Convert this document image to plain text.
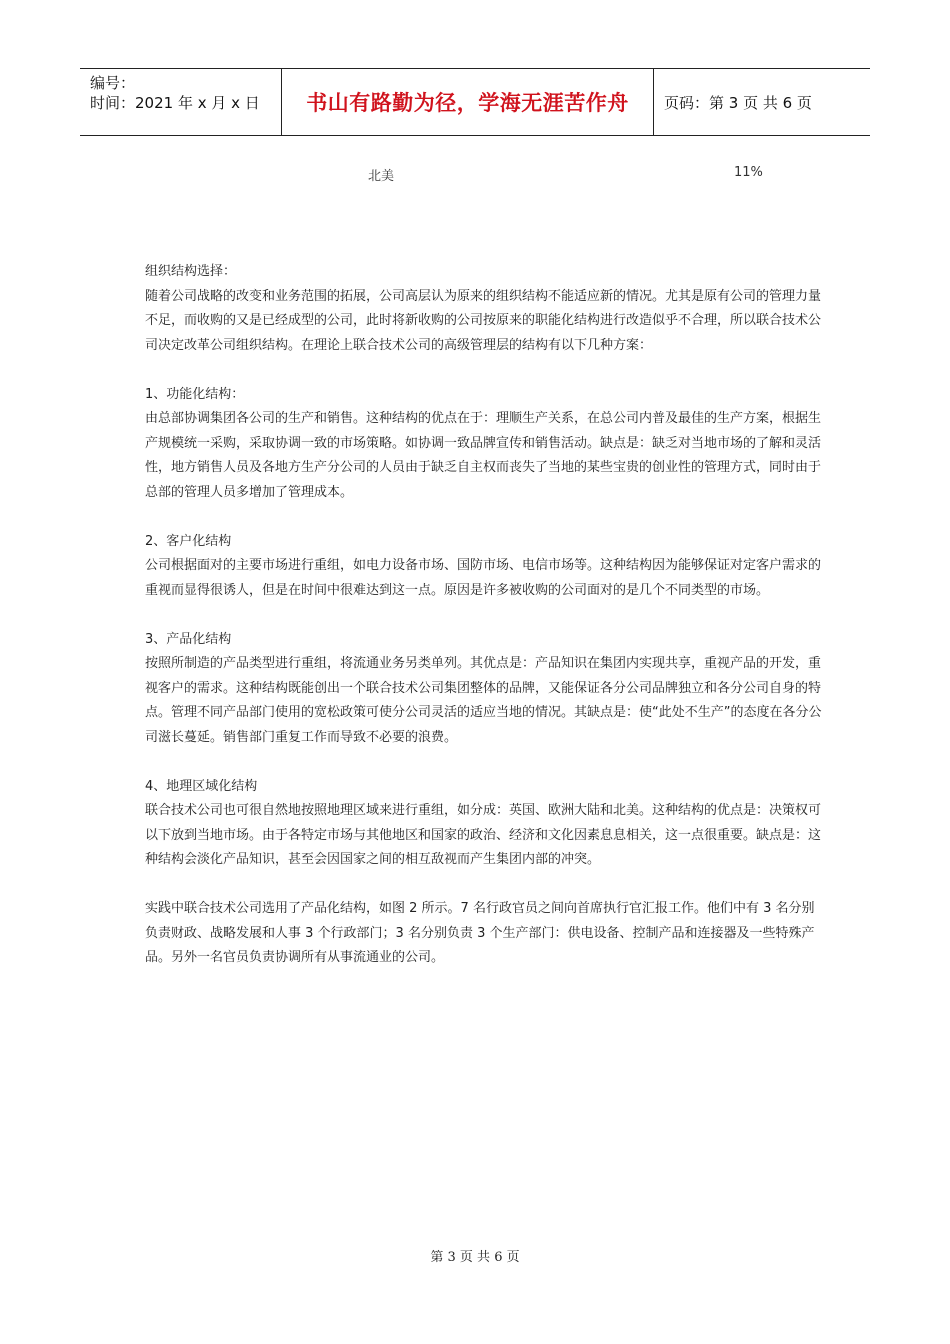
编号：
时间：2021 年 x 月 x 日	书山有路勤为径，学海无涯苦作舟	页码：第 3 页 共 6 页
北美	11%

组织结构选择：

随着公司战略的改变和业务范围的拓展，公司高层认为原来的组织结构不能适应新的情况。尤其是原有公司的管理力量不足，而收购的又是已经成型的公司，此时将新收购的公司按原来的职能化结构进行改造似乎不合理，所以联合技术公司决定改革公司组织结构。在理论上联合技术公司的高级管理层的结构有以下几种方案：

1、功能化结构：

由总部协调集团各公司的生产和销售。这种结构的优点在于：理顺生产关系，在总公司内普及最佳的生产方案，根据生产规模统一采购，采取协调一致的市场策略。如协调一致品牌宣传和销售活动。缺点是：缺乏对当地市场的了解和灵活性，地方销售人员及各地方生产分公司的人员由于缺乏自主权而丧失了当地的某些宝贵的创业性的管理方式，同时由于总部的管理人员多增加了管理成本。

2、客户化结构

公司根据面对的主要市场进行重组，如电力设备市场、国防市场、电信市场等。这种结构因为能够保证对定客户需求的重视而显得很诱人，但是在时间中很难达到这一点。原因是许多被收购的公司面对的是几个不同类型的市场。

3、产品化结构

按照所制造的产品类型进行重组，将流通业务另类单列。其优点是：产品知识在集团内实现共享，重视产品的开发，重视客户的需求。这种结构既能创出一个联合技术公司集团整体的品牌，又能保证各分公司品牌独立和各分公司自身的特点。管理不同产品部门使用的宽松政策可使分公司灵活的适应当地的情况。其缺点是：使“此处不生产”的态度在各分公司滋长蔓延。销售部门重复工作而导致不必要的浪费。

4、地理区域化结构

联合技术公司也可很自然地按照地理区域来进行重组，如分成：英国、欧洲大陆和北美。这种结构的优点是：决策权可以下放到当地市场。由于各特定市场与其他地区和国家的政治、经济和文化因素息息相关，这一点很重要。缺点是：这种结构会淡化产品知识，甚至会因国家之间的相互敌视而产生集团内部的冲突。

实践中联合技术公司选用了产品化结构，如图 2 所示。7 名行政官员之间向首席执行官汇报工作。他们中有 3 名分别负责财政、战略发展和人事 3 个行政部门；3 名分别负责 3 个生产部门：供电设备、控制产品和连接器及一些特殊产品。另外一名官员负责协调所有从事流通业的公司。

第 3 页 共 6 页
